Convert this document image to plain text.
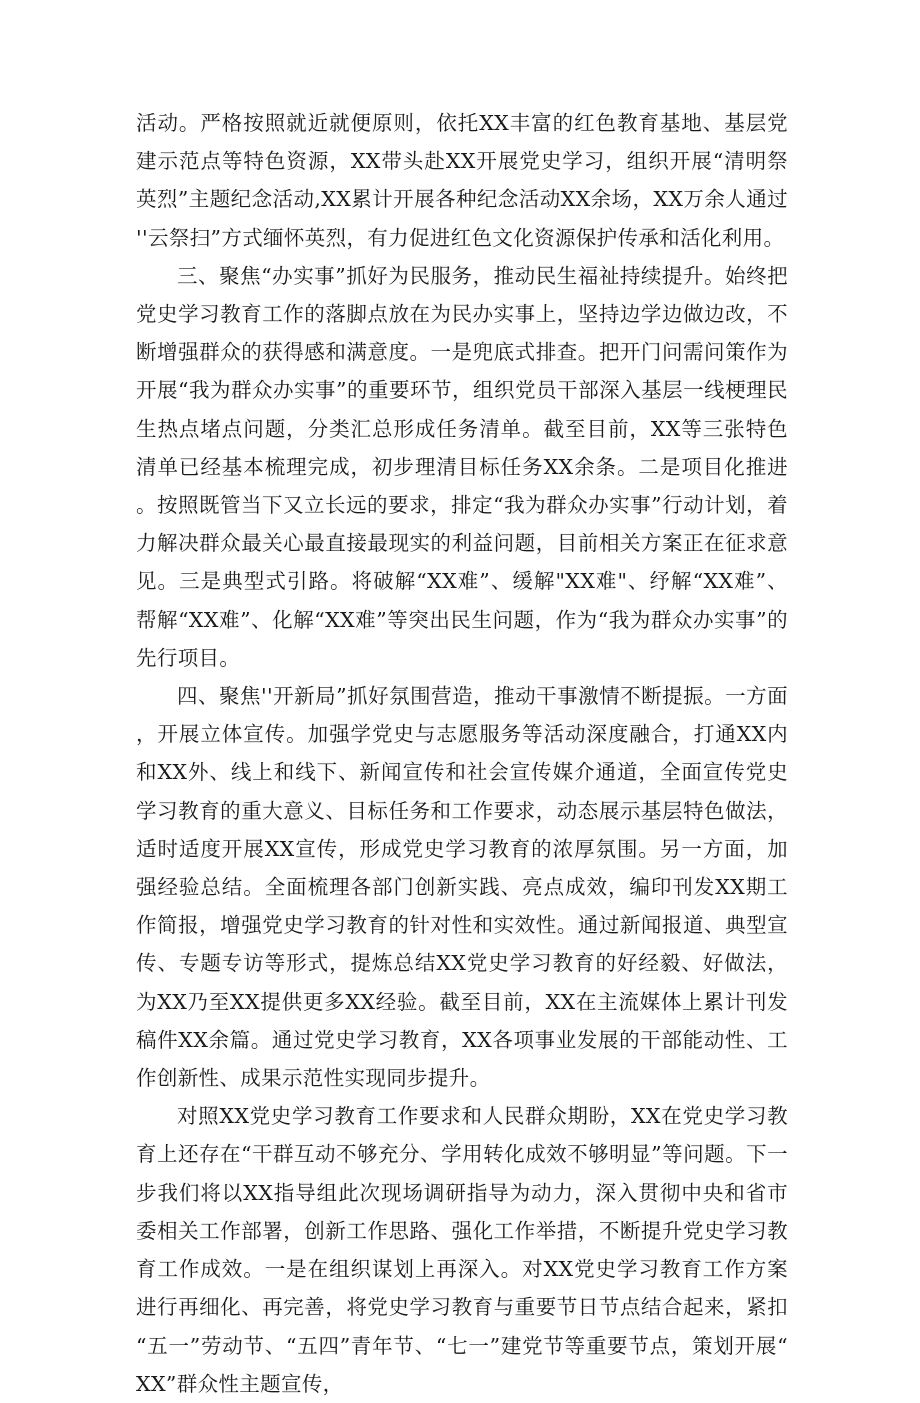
活动。严格按照就近就便原则，依托XX丰富的红色教育基地、基层党建示范点等特色资源，XX带头赴XX开展党史学习，组织开展“清明祭英烈”主题纪念活动,XX累计开展各种纪念活动XX余场，XX万余人通过''云祭扫”方式缅怀英烈，有力促进红色文化资源保护传承和活化利用。

三、聚焦“办实事”抓好为民服务，推动民生福祉持续提升。始终把党史学习教育工作的落脚点放在为民办实事上，坚持边学边做边改，不断增强群众的获得感和满意度。一是兜底式排查。把开门问需问策作为开展“我为群众办实事”的重要环节，组织党员干部深入基层一线梗理民生热点堵点问题，分类汇总形成任务清单。截至目前，XX等三张特色清单已经基本梳理完成，初步理清目标任务XX余条。二是项目化推进。按照既管当下又立长远的要求，排定“我为群众办实事”行动计划，着力解决群众最关心最直接最现实的利益问题，目前相关方案正在征求意见。三是典型式引路。将破解“XX难”、缓解"XX难"、纾解“XX难”、帮解“XX难”、化解“XX难”等突出民生问题，作为“我为群众办实事”的先行项目。

四、聚焦''开新局”抓好氛围营造，推动干事激情不断提振。一方面，开展立体宣传。加强学党史与志愿服务等活动深度融合，打通XX内和XX外、线上和线下、新闻宣传和社会宣传媒介通道，全面宣传党史学习教育的重大意义、目标任务和工作要求，动态展示基层特色做法，适时适度开展XX宣传，形成党史学习教育的浓厚氛围。另一方面，加强经验总结。全面梳理各部门创新实践、亮点成效，编印刊发XX期工作简报，增强党史学习教育的针对性和实效性。通过新闻报道、典型宣传、专题专访等形式，提炼总结XX党史学习教育的好经毅、好做法，为XX乃至XX提供更多XX经验。截至目前，XX在主流媒体上累计刊发稿件XX余篇。通过党史学习教育，XX各项事业发展的干部能动性、工作创新性、成果示范性实现同步提升。

对照XX党史学习教育工作要求和人民群众期盼，XX在党史学习教育上还存在“干群互动不够充分、学用转化成效不够明显”等问题。下一步我们将以XX指导组此次现场调研指导为动力，深入贯彻中央和省市委相关工作部署，创新工作思路、强化工作举措，不断提升党史学习教育工作成效。一是在组织谋划上再深入。对XX党史学习教育工作方案进行再细化、再完善，将党史学习教育与重要节日节点结合起来，紧扣“五一”劳动节、“五四”青年节、“七一”建党节等重要节点，策划开展“XX”群众性主题宣传，
